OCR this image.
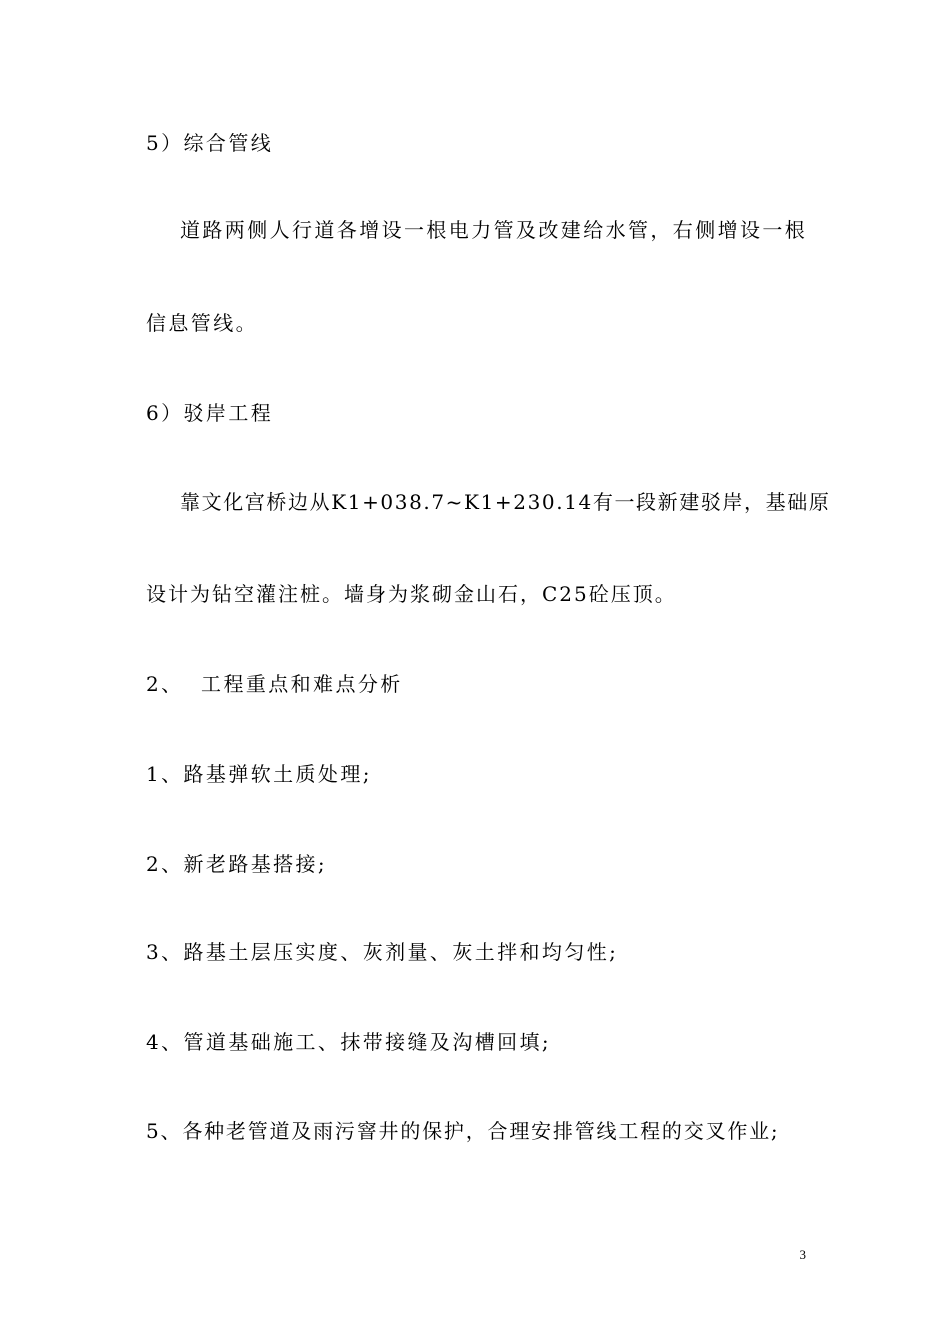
5）综合管线
道路两侧人行道各增设一根电力管及改建给水管，右侧增设一根
信息管线。
6）驳岸工程
靠文化宫桥边从K1+038.7~K1+230.14有一段新建驳岸，基础原
设计为钻空灌注桩。墙身为浆砌金山石，C25砼压顶。
2、  工程重点和难点分析
1、路基弹软土质处理;
2、新老路基搭接;
3、路基土层压实度、灰剂量、灰土拌和均匀性;
4、管道基础施工、抹带接缝及沟槽回填;
5、各种老管道及雨污窨井的保护，合理安排管线工程的交叉作业;
3
